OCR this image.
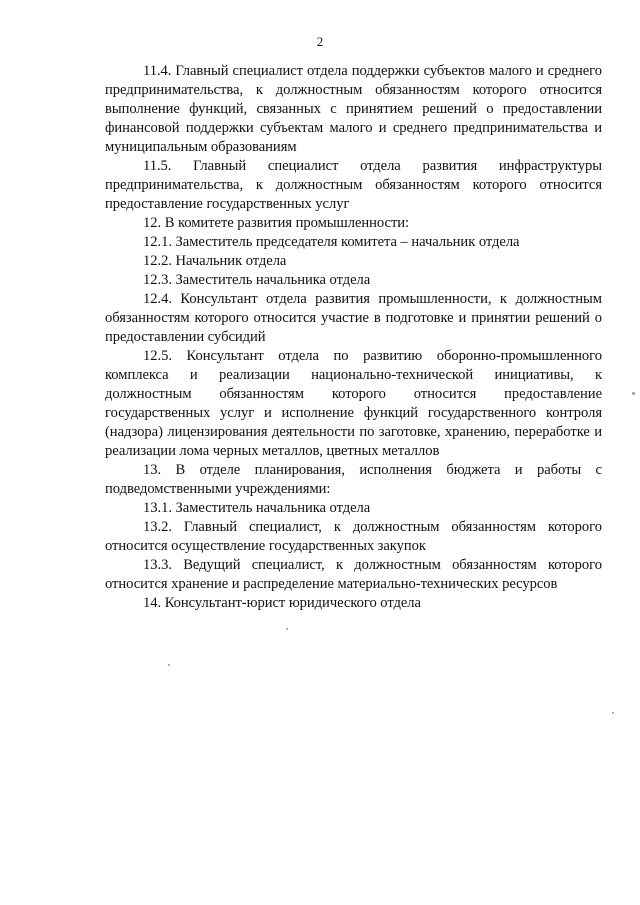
2

11.4. Главный специалист отдела поддержки субъектов малого и среднего предпринимательства, к должностным обязанностям которого относится выполнение функций, связанных с принятием решений о предоставлении финансовой поддержки субъектам малого и среднего предпринимательства и муниципальным образованиям

11.5. Главный специалист отдела развития инфраструктуры предпринимательства, к должностным обязанностям которого относится предоставление государственных услуг

12. В комитете развития промышленности:

12.1. Заместитель председателя комитета – начальник отдела

12.2. Начальник отдела

12.3. Заместитель начальника отдела

12.4. Консультант отдела развития промышленности, к должностным обязанностям которого относится участие в подготовке и принятии решений о предоставлении субсидий

12.5. Консультант отдела по развитию оборонно-промышленного комплекса и реализации национально-технической инициативы, к должностным обязанностям которого относится предоставление государственных услуг и исполнение функций государственного контроля (надзора) лицензирования деятельности по заготовке, хранению, переработке и реализации лома черных металлов, цветных металлов

13. В отделе планирования, исполнения бюджета и работы с подведомственными учреждениями:

13.1. Заместитель начальника отдела

13.2. Главный специалист, к должностным обязанностям которого относится осуществление государственных закупок

13.3. Ведущий специалист, к должностным обязанностям которого относится хранение и распределение материально-технических ресурсов

14. Консультант-юрист юридического отдела
